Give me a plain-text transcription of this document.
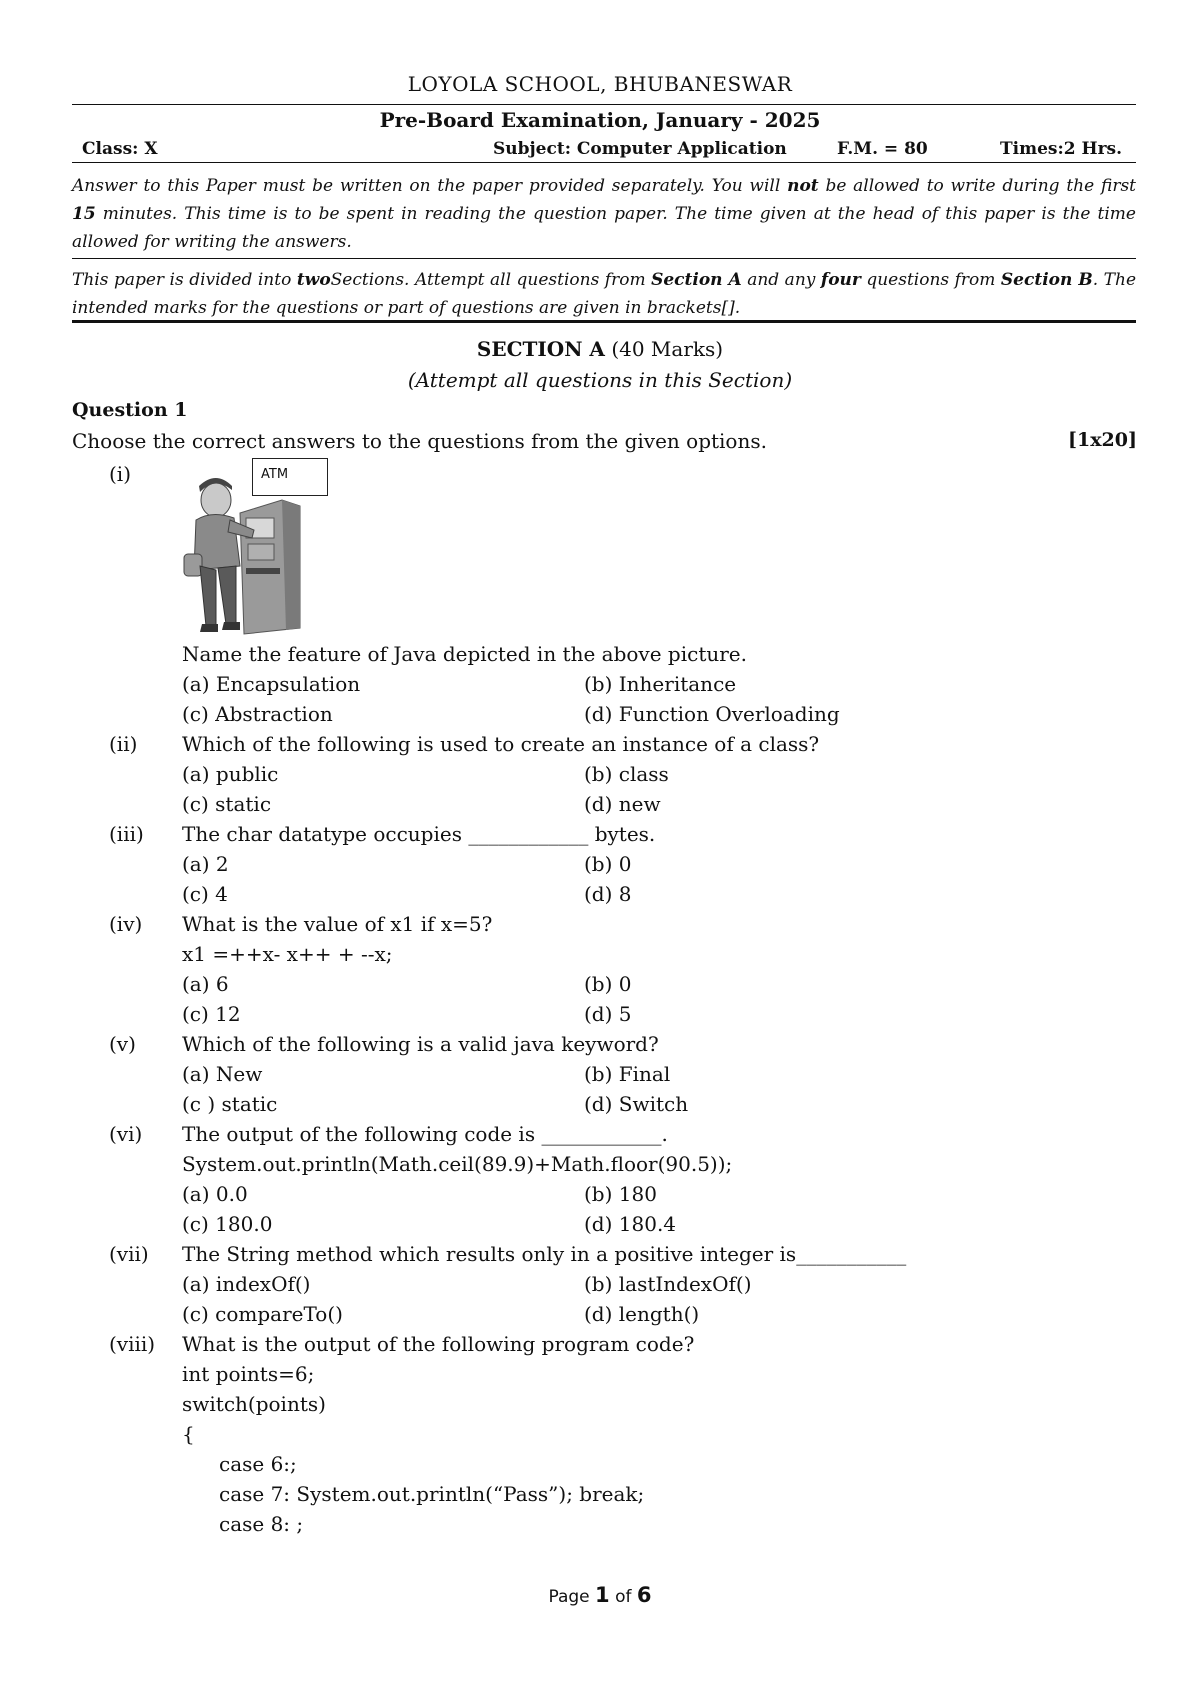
LOYOLA SCHOOL, BHUBANESWAR
Pre-Board Examination, January - 2025
Class: X	Subject: Computer Application	F.M. = 80	Times:2 Hrs.
Answer to this Paper must be written on the paper provided separately. You will not be allowed to write during the first 15 minutes. This time is to be spent in reading the question paper. The time given at the head of this paper is the time allowed for writing the answers.
This paper is divided into twoSections. Attempt all questions from Section A and any four questions from Section B. The intended marks for the questions or part of questions are given in brackets[].
SECTION A (40 Marks)
(Attempt all questions in this Section)
Question 1
Choose the correct answers to the questions from the given options.	[1x20]
(i)	ATM
Name the feature of Java depicted in the above picture.
(a) Encapsulation	(b) Inheritance
(c) Abstraction	(d) Function Overloading
(ii) Which of the following is used to create an instance of a class?
(a) public	(b) class
(c) static	(d) new
(iii) The char datatype occupies ____________ bytes.
(a) 2	(b) 0
(c) 4	(d) 8
(iv) What is the value of x1 if x=5?
x1 =++x- x++ + --x;
(a) 6	(b) 0
(c) 12	(d) 5
(v) Which of the following is a valid java keyword?
(a) New	(b) Final
(c ) static	(d) Switch
(vi) The output of the following code is ____________.
System.out.println(Math.ceil(89.9)+Math.floor(90.5));
(a) 0.0	(b) 180
(c) 180.0	(d) 180.4
(vii) The String method which results only in a positive integer is___________
(a) indexOf()	(b) lastIndexOf()
(c) compareTo()	(d) length()
(viii) What is the output of the following program code?
int points=6;
switch(points)
{
case 6:;
case 7: System.out.println(“Pass”); break;
case 8: ;
Page 1 of 6
